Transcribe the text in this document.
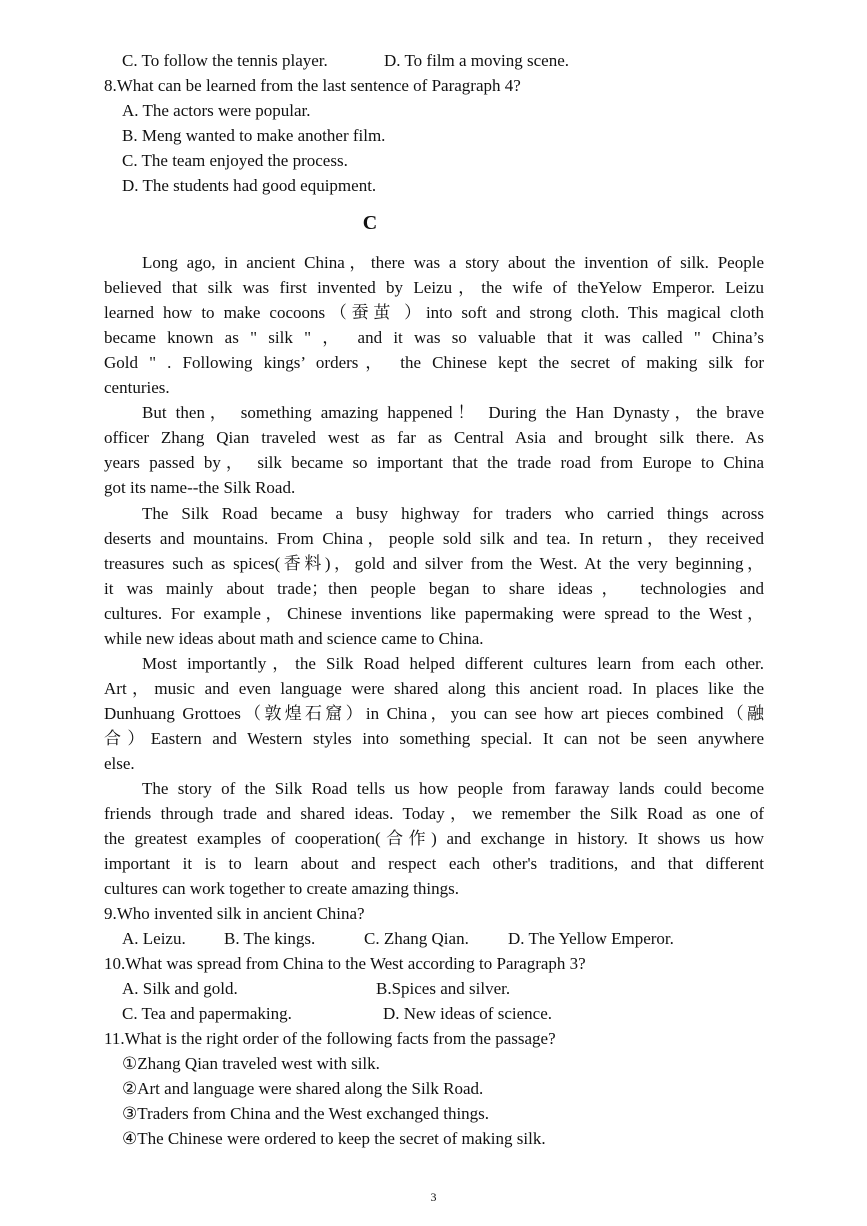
C. To follow the tennis player.	D. To film a moving scene.
8.What can be learned from the last sentence of Paragraph 4?
A. The actors were popular.
B. Meng wanted to make another film.
C. The team enjoyed the process.
D. The students had good equipment.
C
Long ago, in ancient China，there was a story about the invention of silk. People
believed that silk was first invented by Leizu，the wife of theYelow Emperor. Leizu
learned how to make cocoons（蚕茧 ）into soft and strong cloth. This magical cloth
became known as " silk " ， and it was so valuable that it was called " China’s
Gold " . Following kings’ orders， the Chinese kept the secret of making silk for
centuries.
But then， something amazing happened！ During the Han Dynasty，the brave
officer Zhang Qian traveled west as far as Central Asia and brought silk there. As
years passed by， silk became so important that the trade road from Europe to China
got its name--the Silk Road.
The Silk Road became a busy highway for traders who carried things across
deserts and mountains. From China，people sold silk and tea. In return，they received
treasures such as spices(香料)，gold and silver from the West. At the very beginning，
it was mainly about trade；then people began to share ideas， technologies and
cultures. For example，Chinese inventions like papermaking were spread to the West，
while new ideas about math and science came to China.
Most importantly，the Silk Road helped different cultures learn from each other.
Art，music and even language were shared along this ancient road. In places like the
Dunhuang Grottoes（敦煌石窟）in China，you can see how art pieces combined（融
合）Eastern and Western styles into something special. It can not be seen anywhere
else.
The story of the Silk Road tells us how people from faraway lands could become
friends through trade and shared ideas. Today，we remember the Silk Road as one of
the greatest examples of cooperation(合作) and exchange in history. It shows us how
important it is to learn about and respect each other's traditions, and that different
cultures can work together to create amazing things.
9.Who invented silk in ancient China?
A. Leizu. B. The kings.	C. Zhang Qian. D. The Yellow Emperor.
10.What was spread from China to the West according to Paragraph 3?
A. Silk and gold.	B.Spices and silver.
C. Tea and papermaking.	D. New ideas of science.
11.What is the right order of the following facts from the passage?
①Zhang Qian traveled west with silk.
②Art and language were shared along the Silk Road.
③Traders from China and the West exchanged things.
④The Chinese were ordered to keep the secret of making silk.
3
